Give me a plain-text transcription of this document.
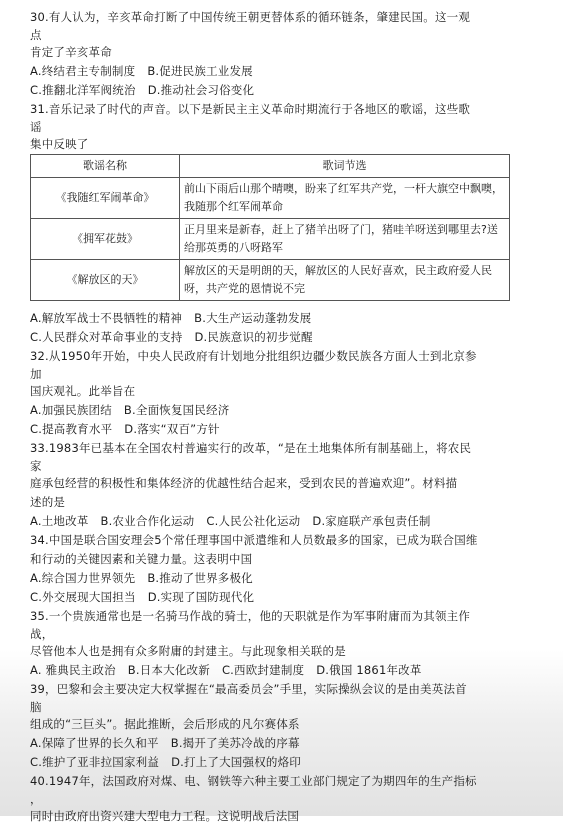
30.有人认为，辛亥革命打断了中国传统王朝更替体系的循环链条，肇建民国。这一观
点
肯定了辛亥革命
A.终结君主专制制度 B.促进民族工业发展
C.推翻北洋军阀统治 D.推动社会习俗变化
31.音乐记录了时代的声音。以下是新民主主义革命时期流行于各地区的歌谣，这些歌
谣
集中反映了
歌谣名称	歌词节选
《我随红军闹革命》	前山下雨后山那个晴噢，盼来了红军共产党，一杆大旗空中飘噢，我随那个红军闹革命
《拥军花鼓》	正月里来是新春，赶上了猪羊出呀了门，猪哇羊呀送到哪里去?送给那英勇的八呀路军
《解放区的天》	解放区的天是明朗的天，解放区的人民好喜欢，民主政府爱人民呀，共产党的恩情说不完
A.解放军战士不畏牺牲的精神 B.大生产运动蓬勃发展
C.人民群众对革命事业的支持 D.民族意识的初步觉醒
32.从1950年开始，中央人民政府有计划地分批组织边疆少数民族各方面人士到北京参
加
国庆观礼。此举旨在
A.加强民族团结 B.全面恢复国民经济
C.提高教育水平 D.落实“双百”方针
33.1983年已基本在全国农村普遍实行的改革，“是在土地集体所有制基础上，将农民
家
庭承包经营的积极性和集体经济的优越性结合起来，受到农民的普遍欢迎”。材料描
述的是
A.土地改革 B.农业合作化运动 C.人民公社化运动 D.家庭联产承包责任制
34.中国是联合国安理会5个常任理事国中派遣维和人员数最多的国家，已成为联合国维
和行动的关键因素和关键力量。这表明中国
A.综合国力世界领先 B.推动了世界多极化
C.外交展现大国担当 D.实现了国防现代化
35.一个贵族通常也是一名骑马作战的骑士，他的天职就是作为军事附庸而为其领主作
战，
尽管他本人也是拥有众多附庸的封建主。与此现象相关联的是
A. 雅典民主政治 B.日本大化改新 C.西欧封建制度 D.俄国 1861年改革
39，巴黎和会主要决定大权掌握在“最高委员会”手里，实际操纵会议的是由美英法首
脑
组成的“三巨头”。据此推断，会后形成的凡尔赛体系
A.保障了世界的长久和平 B.揭开了美苏冷战的序幕
C.维护了亚非拉国家利益 D.打上了大国强权的烙印
40.1947年，法国政府对煤、电、钢铁等六种主要工业部门规定了为期四年的生产指标
，
同时由政府出资兴建大型电力工程。这说明战后法国
